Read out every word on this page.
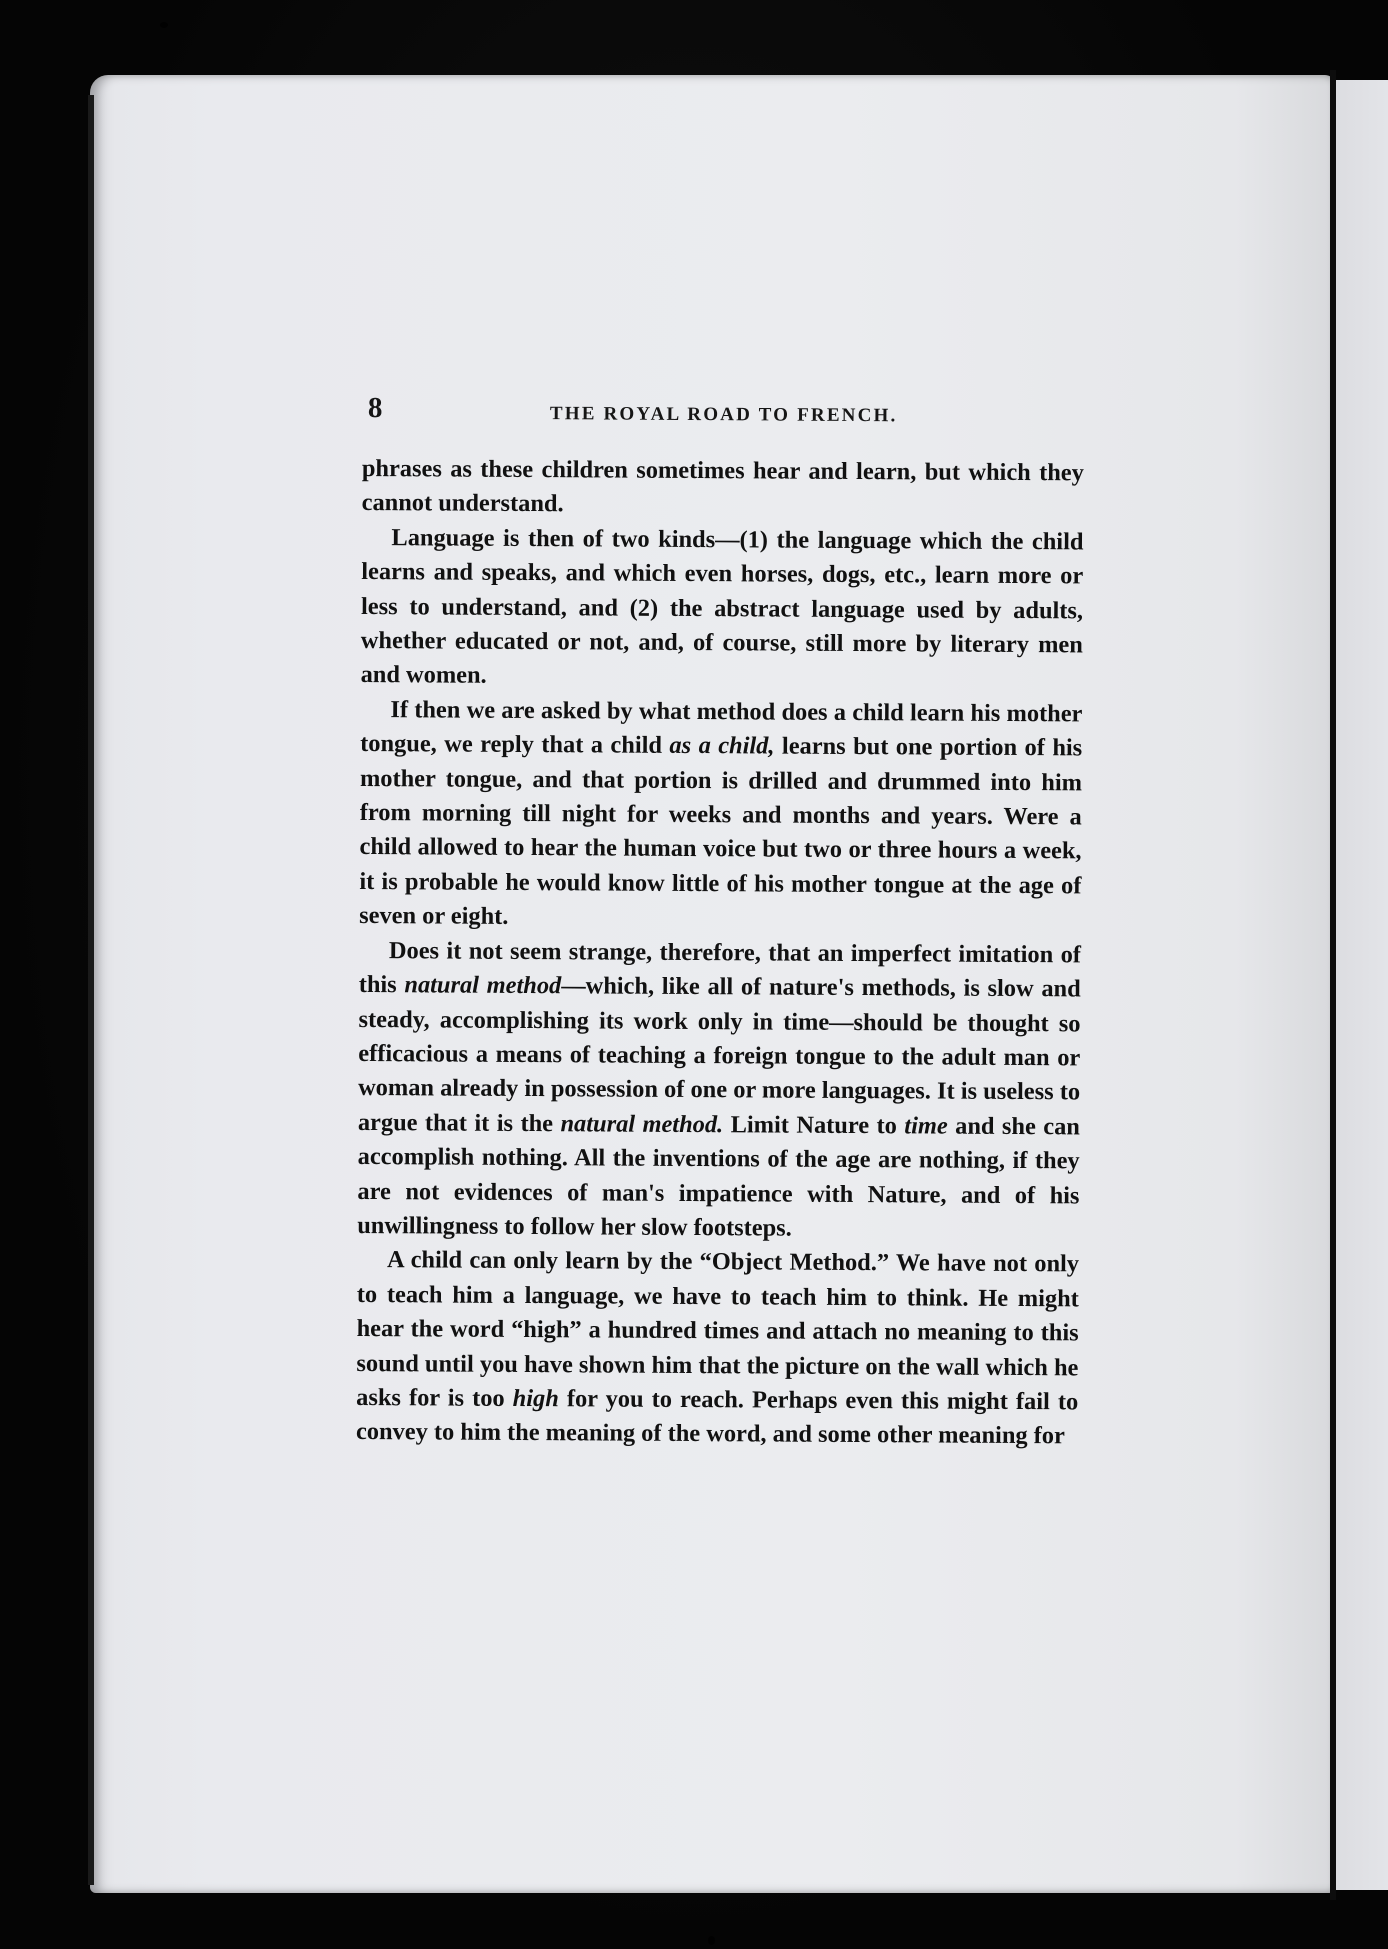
8	THE ROYAL ROAD TO FRENCH.

phrases as these children sometimes hear and learn, but which they cannot understand.

Language is then of two kinds—(1) the language which the child learns and speaks, and which even horses, dogs, etc., learn more or less to understand, and (2) the abstract language used by adults, whether educated or not, and, of course, still more by literary men and women.

If then we are asked by what method does a child learn his mother tongue, we reply that a child as a child, learns but one portion of his mother tongue, and that portion is drilled and drummed into him from morning till night for weeks and months and years. Were a child allowed to hear the human voice but two or three hours a week, it is probable he would know little of his mother tongue at the age of seven or eight.

Does it not seem strange, therefore, that an imperfect imitation of this natural method—which, like all of nature's methods, is slow and steady, accomplishing its work only in time—should be thought so efficacious a means of teaching a foreign tongue to the adult man or woman already in possession of one or more languages. It is useless to argue that it is the natural method. Limit Nature to time and she can accomplish nothing. All the inventions of the age are nothing, if they are not evidences of man's impatience with Nature, and of his unwillingness to follow her slow footsteps.

A child can only learn by the “Object Method.” We have not only to teach him a language, we have to teach him to think. He might hear the word “high” a hundred times and attach no meaning to this sound until you have shown him that the picture on the wall which he asks for is too high for you to reach. Perhaps even this might fail to convey to him the meaning of the word, and some other meaning for
